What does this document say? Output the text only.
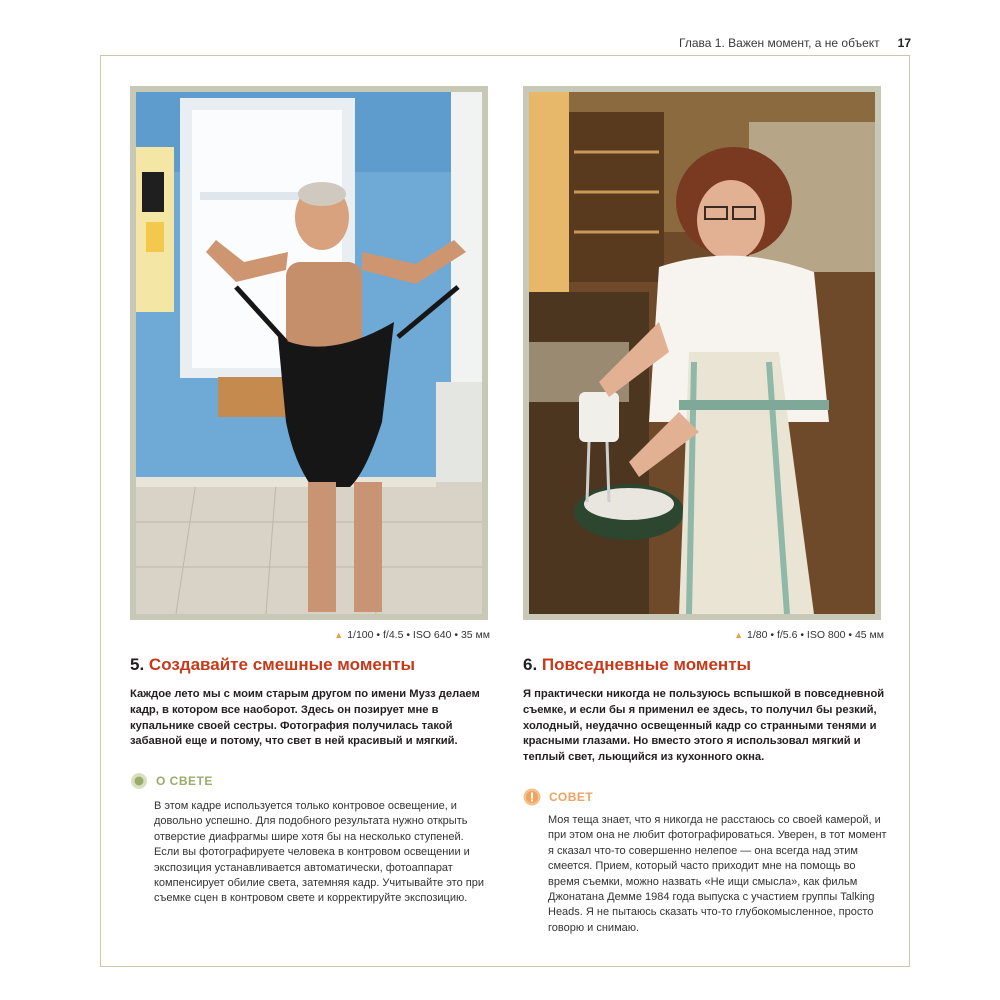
Глава 1. Важен момент, а не объект 17
▲ 1/100 • f/4.5 • ISO 640 • 35 мм	▲ 1/80 • f/5.6 • ISO 800 • 45 мм
5. Создавайте смешные моменты	6. Повседневные моменты
Каждое лето мы с моим старым другом по имени Музз делаем кадр, в котором все наоборот. Здесь он позирует мне в купальнике своей сестры. Фотография получилась такой забавной еще и потому, что свет в ней красивый и мягкий.
Я практически никогда не пользуюсь вспышкой в повседневной съемке, и если бы я применил ее здесь, то получил бы резкий, холодный, неудачно освещенный кадр со странными тенями и красными глазами. Но вместо этого я использовал мягкий и теплый свет, льющийся из кухонного окна.
О СВЕТЕ
В этом кадре используется только контровое освещение, и довольно успешно. Для подобного результата нужно открыть отверстие диафрагмы шире хотя бы на несколько ступеней. Если вы фотографируете человека в контровом освещении и экспозиция устанавливается автоматически, фотоаппарат компенсирует обилие света, затемняя кадр. Учитывайте это при съемке сцен в контровом свете и корректируйте экспозицию.
СОВЕТ
Моя теща знает, что я никогда не расстаюсь со своей камерой, и при этом она не любит фотографироваться. Уверен, в тот момент я сказал что-то совершенно нелепое — она всегда над этим смеется. Прием, который часто приходит мне на помощь во время съемки, можно назвать «Не ищи смысла», как фильм Джонатана Демме 1984 года выпуска с участием группы Talking Heads. Я не пытаюсь сказать что-то глубокомысленное, просто говорю и снимаю.
